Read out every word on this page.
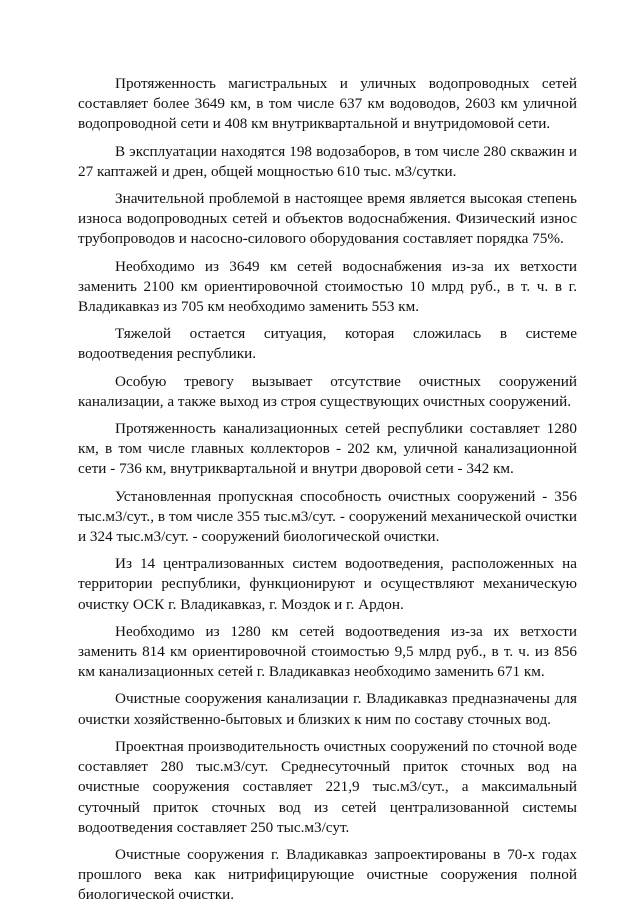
Протяженность магистральных и уличных водопроводных сетей составляет более 3649 км, в том числе 637 км водоводов, 2603 км уличной водопроводной сети и 408 км внутриквартальной и внутридомовой сети.

В эксплуатации находятся 198 водозаборов, в том числе 280 скважин и 27 каптажей и дрен, общей мощностью 610 тыс. м3/сутки.

Значительной проблемой в настоящее время является высокая степень износа водопроводных сетей и объектов водоснабжения. Физический износ трубопроводов и насосно-силового оборудования составляет порядка 75%.

Необходимо из 3649 км сетей водоснабжения из-за их ветхости заменить 2100 км ориентировочной стоимостью 10 млрд руб., в т. ч. в г. Владикавказ из 705 км необходимо заменить 553 км.

Тяжелой остается ситуация, которая сложилась в системе водоотведения республики.

Особую тревогу вызывает отсутствие очистных сооружений канализации, а также выход из строя существующих очистных сооружений.

Протяженность канализационных сетей республики составляет 1280 км, в том числе главных коллекторов - 202 км, уличной канализационной сети - 736 км, внутриквартальной и внутри дворовой сети - 342 км.

Установленная пропускная способность очистных сооружений - 356 тыс.м3/сут., в том числе 355 тыс.м3/сут. - сооружений механической очистки и 324 тыс.м3/сут. - сооружений биологической очистки.

Из 14 централизованных систем водоотведения, расположенных на территории республики, функционируют и осуществляют механическую очистку ОСК г. Владикавказ, г. Моздок и г. Ардон.

Необходимо из 1280 км сетей водоотведения из-за их ветхости заменить 814 км ориентировочной стоимостью 9,5 млрд руб., в т. ч. из 856 км канализационных сетей г. Владикавказ необходимо заменить 671 км.

Очистные сооружения канализации г. Владикавказ предназначены для очистки хозяйственно-бытовых и близких к ним по составу сточных вод.

Проектная производительность очистных сооружений по сточной воде составляет 280 тыс.м3/сут. Среднесуточный приток сточных вод на очистные сооружения составляет 221,9 тыс.м3/сут., а максимальный суточный приток сточных вод из сетей централизованной системы водоотведения составляет 250 тыс.м3/сут.

Очистные сооружения г. Владикавказ запроектированы в 70-х годах прошлого века как нитрифицирующие очистные сооружения полной биологической очистки.
